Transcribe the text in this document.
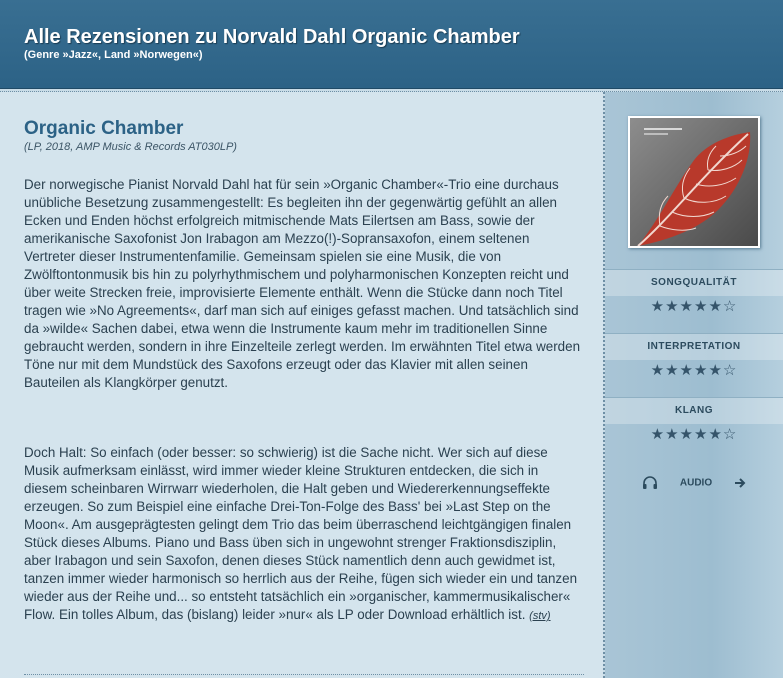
Alle Rezensionen zu Norvald Dahl Organic Chamber
(Genre »Jazz«, Land »Norwegen«)
Organic Chamber
(LP, 2018, AMP Music & Records AT030LP)

Der norwegische Pianist Norvald Dahl hat für sein »Organic Chamber«-Trio eine durchaus unübliche Besetzung zusammengestellt: Es begleiten ihn der gegenwärtig gefühlt an allen Ecken und Enden höchst erfolgreich mitmischende Mats Eilertsen am Bass, sowie der amerikanische Saxofonist Jon Irabagon am Mezzo(!)-Sopransaxofon, einem seltenen Vertreter dieser Instrumentenfamilie. Gemeinsam spielen sie eine Musik, die von Zwölftontonmusik bis hin zu polyrhythmischem und polyharmonischen Konzepten reicht und über weite Strecken freie, improvisierte Elemente enthält. Wenn die Stücke dann noch Titel tragen wie »No Agreements«, darf man sich auf einiges gefasst machen. Und tatsächlich sind da »wilde« Sachen dabei, etwa wenn die Instrumente kaum mehr im traditionellen Sinne gebraucht werden, sondern in ihre Einzelteile zerlegt werden. Im erwähnten Titel etwa werden Töne nur mit dem Mundstück des Saxofons erzeugt oder das Klavier mit allen seinen Bauteilen als Klangkörper genutzt.

Doch Halt: So einfach (oder besser: so schwierig) ist die Sache nicht. Wer sich auf diese Musik aufmerksam einlässt, wird immer wieder kleine Strukturen entdecken, die sich in diesem scheinbaren Wirrwarr wiederholen, die Halt geben und Wiedererkennungseffekte erzeugen. So zum Beispiel eine einfache Drei-Ton-Folge des Bass' bei »Last Step on the Moon«. Am ausgeprägtesten gelingt dem Trio das beim überraschend leichtgängigen finalen Stück dieses Albums. Piano und Bass üben sich in ungewohnt strenger Fraktionsdisziplin, aber Irabagon und sein Saxofon, denen dieses Stück namentlich denn auch gewidmet ist, tanzen immer wieder harmonisch so herrlich aus der Reihe, fügen sich wieder ein und tanzen wieder aus der Reihe und... so entsteht tatsächlich ein »organischer, kammermusikalischer« Flow. Ein tolles Album, das (bislang) leider »nur« als LP oder Download erhältlich ist. (stv)

SONGQUALITÄT
★★★★★☆
INTERPRETATION
★★★★★☆
KLANG
★★★★★☆
AUDIO
